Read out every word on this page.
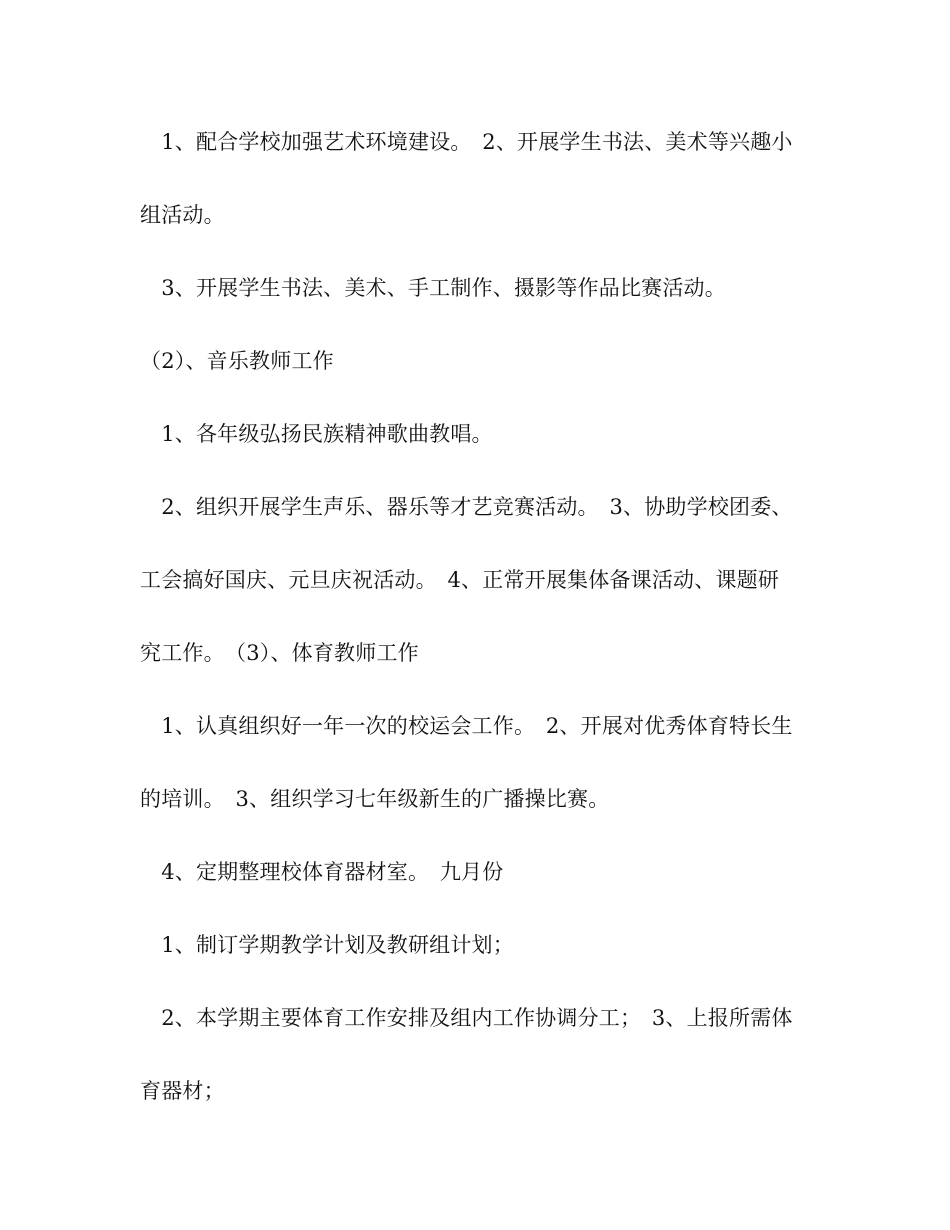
　1、配合学校加强艺术环境建设。　2、开展学生书法、美术等兴趣小
组活动。
　3、开展学生书法、美术、手工制作、摄影等作品比赛活动。
（2）、音乐教师工作
　1、各年级弘扬民族精神歌曲教唱。
　2、组织开展学生声乐、器乐等才艺竞赛活动。　3、协助学校团委、
工会搞好国庆、元旦庆祝活动。　4、正常开展集体备课活动、课题研
究工作。　（3）、体育教师工作
　1、认真组织好一年一次的校运会工作。　2、开展对优秀体育特长生
的培训。　3、组织学习七年级新生的广播操比赛。
　4、定期整理校体育器材室。　九月份
　1、制订学期教学计划及教研组计划；
　2、本学期主要体育工作安排及组内工作协调分工；　3、上报所需体
育器材；
